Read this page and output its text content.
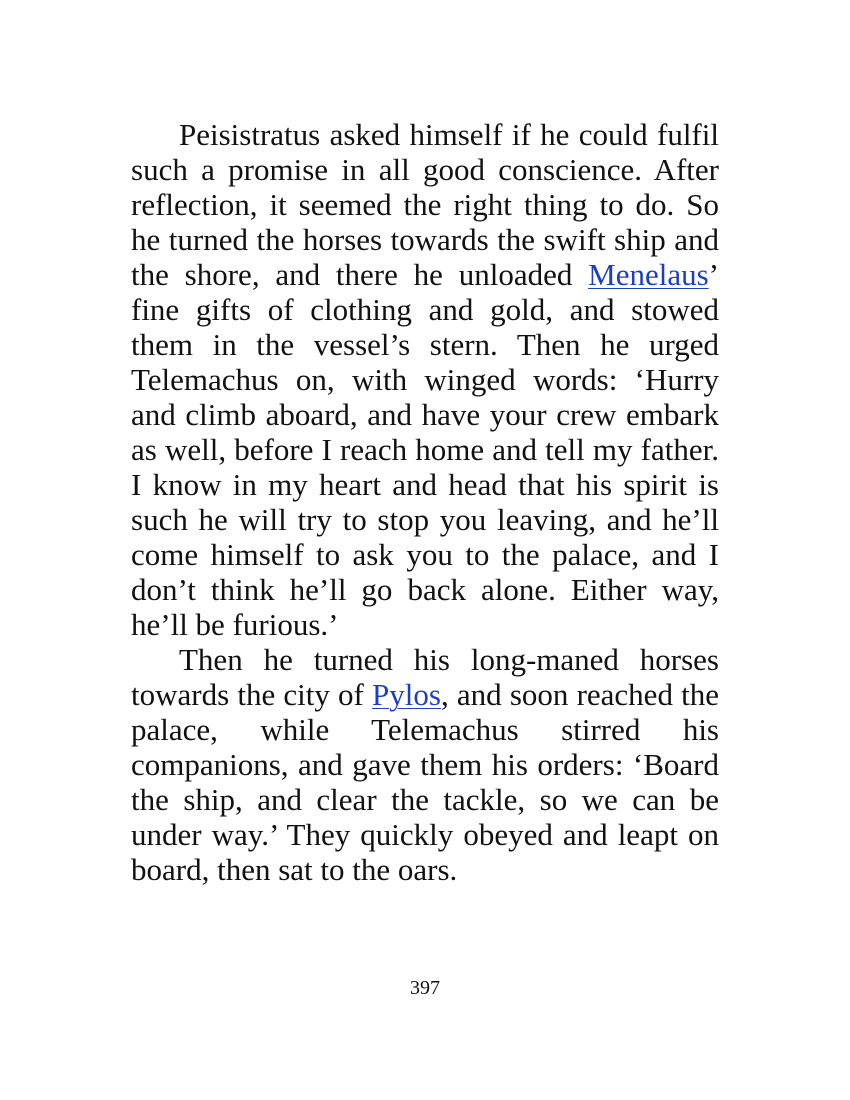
Peisistratus asked himself if he could fulfil such a promise in all good conscience. After reflection, it seemed the right thing to do. So he turned the horses towards the swift ship and the shore, and there he unloaded Menelaus’ fine gifts of clothing and gold, and stowed them in the vessel’s stern. Then he urged Telemachus on, with winged words: ‘Hurry and climb aboard, and have your crew embark as well, before I reach home and tell my father. I know in my heart and head that his spirit is such he will try to stop you leaving, and he’ll come himself to ask you to the palace, and I don’t think he’ll go back alone. Either way, he’ll be furious.’

Then he turned his long-maned horses towards the city of Pylos, and soon reached the palace, while Telemachus stirred his companions, and gave them his orders: ‘Board the ship, and clear the tackle, so we can be under way.’ They quickly obeyed and leapt on board, then sat to the oars.

397
